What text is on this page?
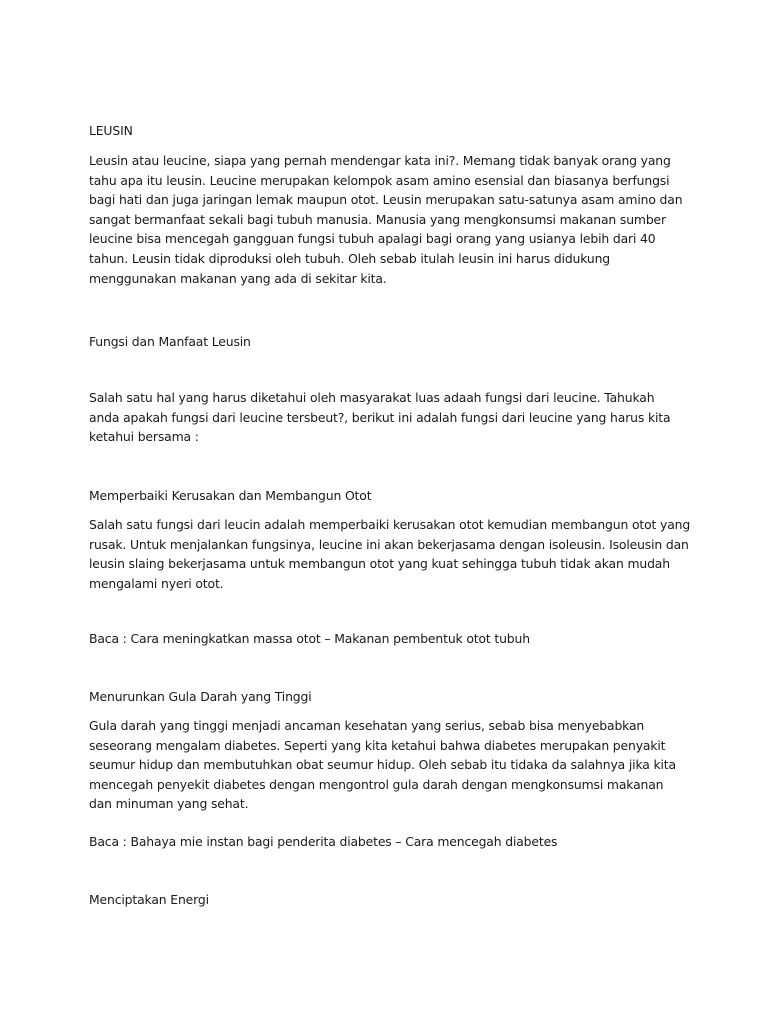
LEUSIN

Leusin atau leucine, siapa yang pernah mendengar kata ini?. Memang tidak banyak orang yang tahu apa itu leusin. Leucine merupakan kelompok asam amino esensial dan biasanya berfungsi bagi hati dan juga jaringan lemak maupun otot. Leusin merupakan satu-satunya asam amino dan sangat bermanfaat sekali bagi tubuh manusia. Manusia yang mengkonsumsi makanan sumber leucine bisa mencegah gangguan fungsi tubuh apalagi bagi orang yang usianya lebih dari 40 tahun. Leusin tidak diproduksi oleh tubuh. Oleh sebab itulah leusin ini harus didukung menggunakan makanan yang ada di sekitar kita.

Fungsi dan Manfaat Leusin

Salah satu hal yang harus diketahui oleh masyarakat luas adaah fungsi dari leucine. Tahukah anda apakah fungsi dari leucine tersbeut?, berikut ini adalah fungsi dari leucine yang harus kita ketahui bersama :

Memperbaiki Kerusakan dan Membangun Otot

Salah satu fungsi dari leucin adalah memperbaiki kerusakan otot kemudian membangun otot yang rusak. Untuk menjalankan fungsinya, leucine ini akan bekerjasama dengan isoleusin. Isoleusin dan leusin slaing bekerjasama untuk membangun otot yang kuat sehingga tubuh tidak akan mudah mengalami nyeri otot.

Baca : Cara meningkatkan massa otot – Makanan pembentuk otot tubuh

Menurunkan Gula Darah yang Tinggi

Gula darah yang tinggi menjadi ancaman kesehatan yang serius, sebab bisa menyebabkan seseorang mengalam diabetes. Seperti yang kita ketahui bahwa diabetes merupakan penyakit seumur hidup dan membutuhkan obat seumur hidup. Oleh sebab itu tidaka da salahnya jika kita mencegah penyekit diabetes dengan mengontrol gula darah dengan mengkonsumsi makanan dan minuman yang sehat.

Baca : Bahaya mie instan bagi penderita diabetes – Cara mencegah diabetes

Menciptakan Energi
